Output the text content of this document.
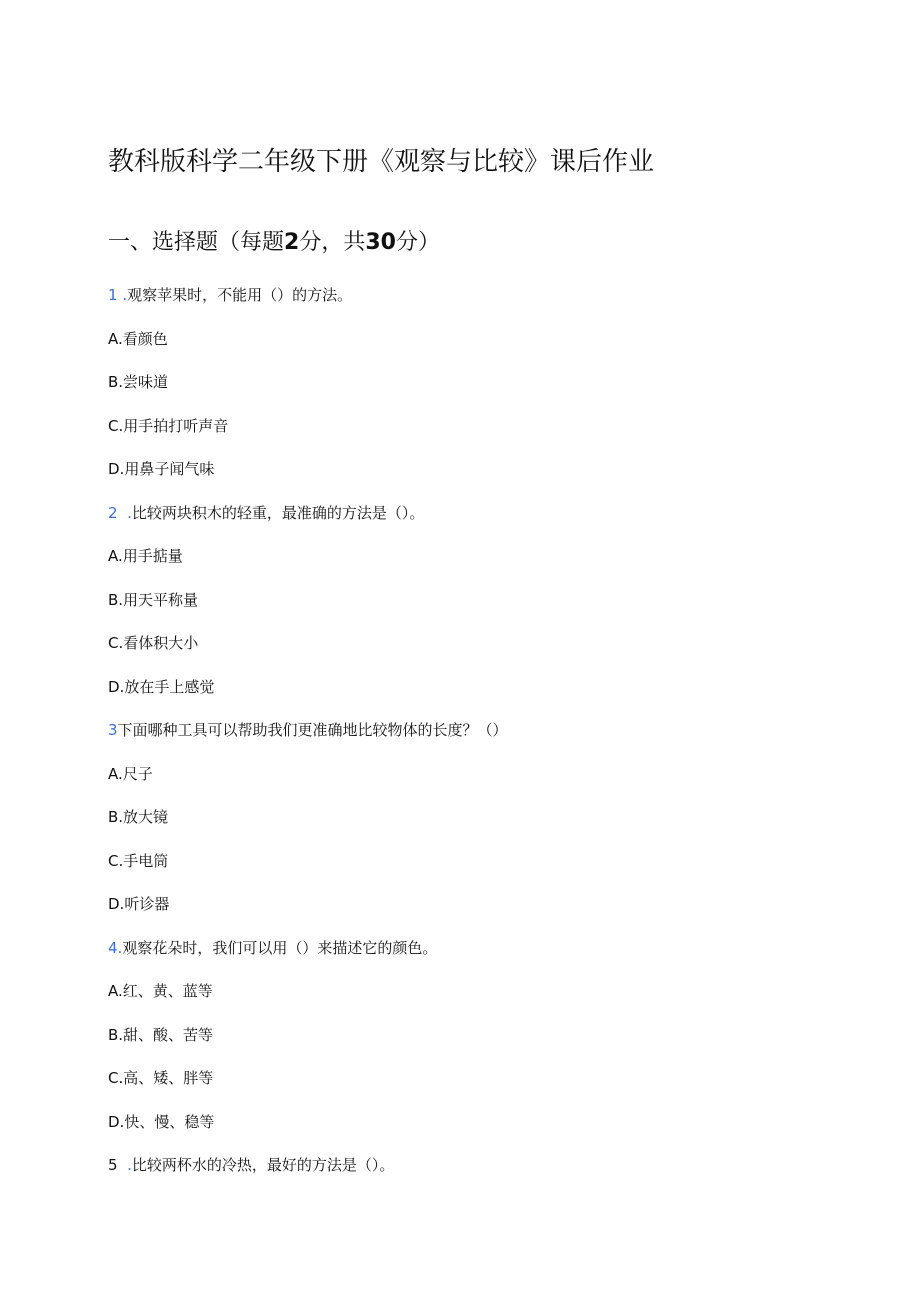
教科版科学二年级下册《观察与比较》课后作业
一、选择题（每题2分，共30分）
1 .观察苹果时，不能用（）的方法。
A.看颜色
B.尝味道
C.用手拍打听声音
D.用鼻子闻气味
2  .比较两块积木的轻重，最准确的方法是（）。
A.用手掂量
B.用天平称量
C.看体积大小
D.放在手上感觉
3下面哪种工具可以帮助我们更准确地比较物体的长度？（）
A.尺子
B.放大镜
C.手电筒
D.听诊器
4.观察花朵时，我们可以用（）来描述它的颜色。
A.红、黄、蓝等
B.甜、酸、苦等
C.高、矮、胖等
D.快、慢、稳等
5  .比较两杯水的冷热，最好的方法是（）。
